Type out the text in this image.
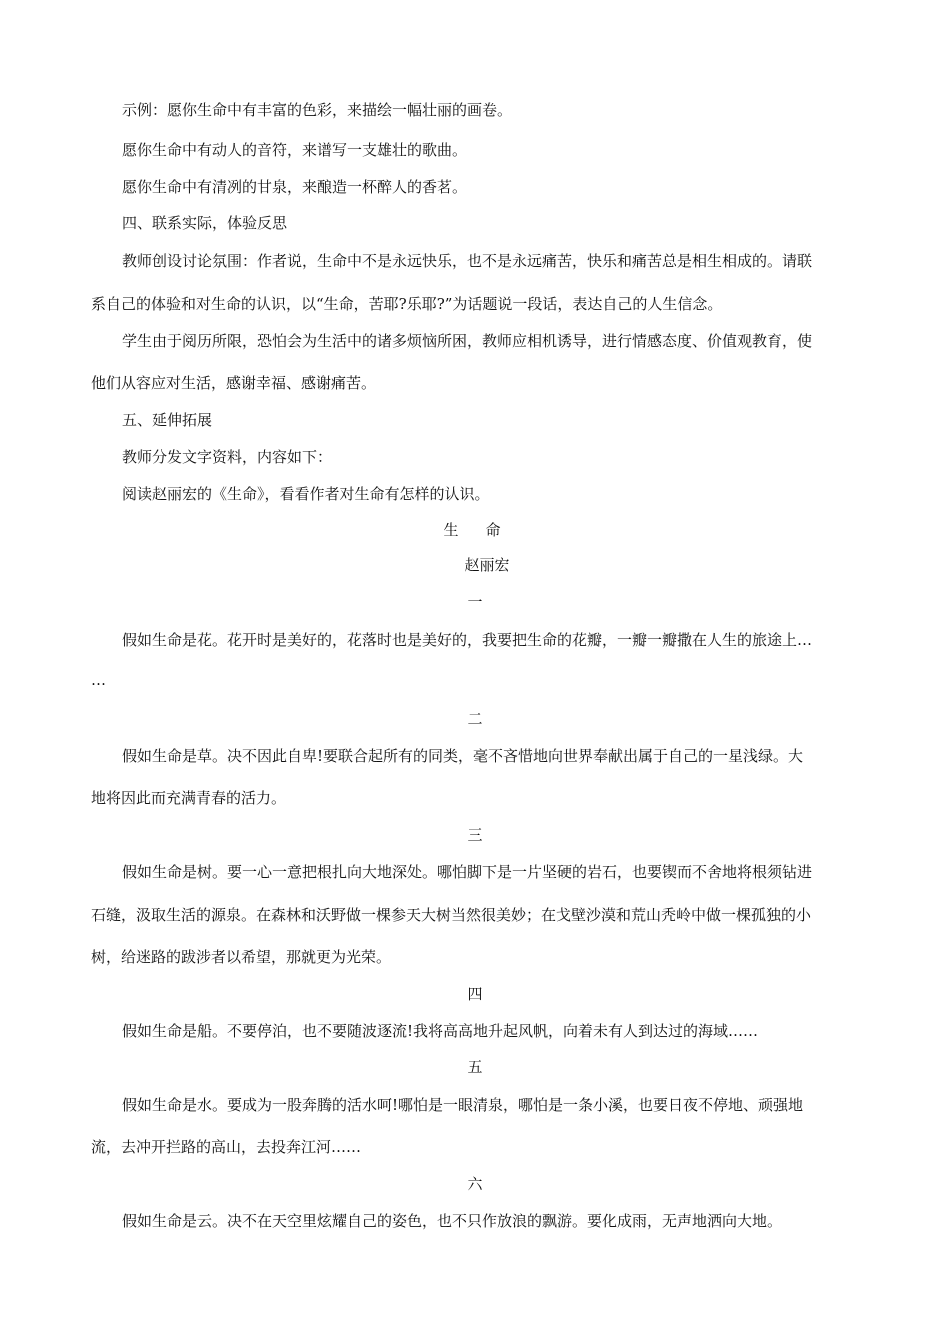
示例：愿你生命中有丰富的色彩，来描绘一幅壮丽的画卷。
愿你生命中有动人的音符，来谱写一支雄壮的歌曲。
愿你生命中有清冽的甘泉，来酿造一杯醉人的香茗。
四、联系实际，体验反思
教师创设讨论氛围：作者说，生命中不是永远快乐，也不是永远痛苦，快乐和痛苦总是相生相成的。请联
系自己的体验和对生命的认识，以“生命，苦耶?乐耶?”为话题说一段话，表达自己的人生信念。
学生由于阅历所限，恐怕会为生活中的诸多烦恼所困，教师应相机诱导，进行情感态度、价值观教育，使
他们从容应对生活，感谢幸福、感谢痛苦。
五、延伸拓展
教师分发文字资料，内容如下：
阅读赵丽宏的《生命》，看看作者对生命有怎样的认识。
生　命
赵丽宏
一
假如生命是花。花开时是美好的，花落时也是美好的，我要把生命的花瓣，一瓣一瓣撒在人生的旅途上…
…
二
假如生命是草。决不因此自卑!要联合起所有的同类，毫不吝惜地向世界奉献出属于自己的一星浅绿。大
地将因此而充满青春的活力。
三
假如生命是树。要一心一意把根扎向大地深处。哪怕脚下是一片坚硬的岩石，也要锲而不舍地将根须钻进
石缝，汲取生活的源泉。在森林和沃野做一棵参天大树当然很美妙；在戈壁沙漠和荒山秃岭中做一棵孤独的小
树，给迷路的跋涉者以希望，那就更为光荣。
四
假如生命是船。不要停泊，也不要随波逐流!我将高高地升起风帆，向着未有人到达过的海域……
五
假如生命是水。要成为一股奔腾的活水呵!哪怕是一眼清泉，哪怕是一条小溪，也要日夜不停地、顽强地
流，去冲开拦路的高山，去投奔江河……
六
假如生命是云。决不在天空里炫耀自己的姿色，也不只作放浪的飘游。要化成雨，无声地洒向大地。
